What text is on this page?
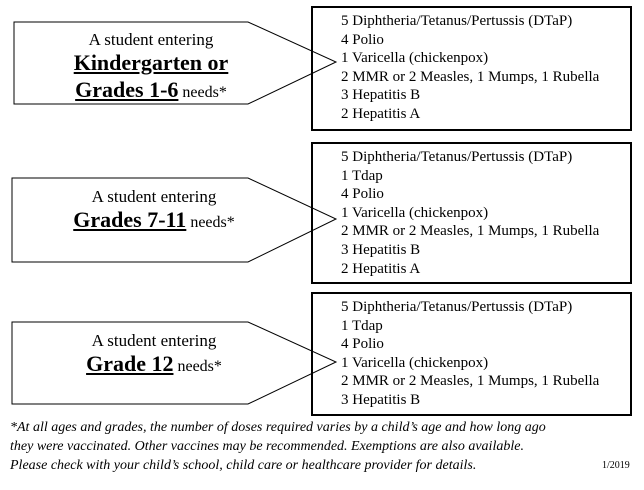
A student entering
Kindergarten or
Grades 1-6 needs*
5 Diphtheria/Tetanus/Pertussis (DTaP)
4 Polio
1 Varicella (chickenpox)
2 MMR or 2 Measles, 1 Mumps, 1 Rubella
3 Hepatitis B
2 Hepatitis A
A student entering
Grades 7-11 needs*
5 Diphtheria/Tetanus/Pertussis (DTaP)
1 Tdap
4 Polio
1 Varicella (chickenpox)
2 MMR or 2 Measles, 1 Mumps, 1 Rubella
3 Hepatitis B
2 Hepatitis A
A student entering
Grade 12 needs*
5 Diphtheria/Tetanus/Pertussis (DTaP)
1 Tdap
4 Polio
1 Varicella (chickenpox)
2 MMR or 2 Measles, 1 Mumps, 1 Rubella
3 Hepatitis B
*At all ages and grades, the number of doses required varies by a child’s age and how long ago
they were vaccinated. Other vaccines may be recommended. Exemptions are also available.
Please check with your child’s school, child care or healthcare provider for details.	1/2019
